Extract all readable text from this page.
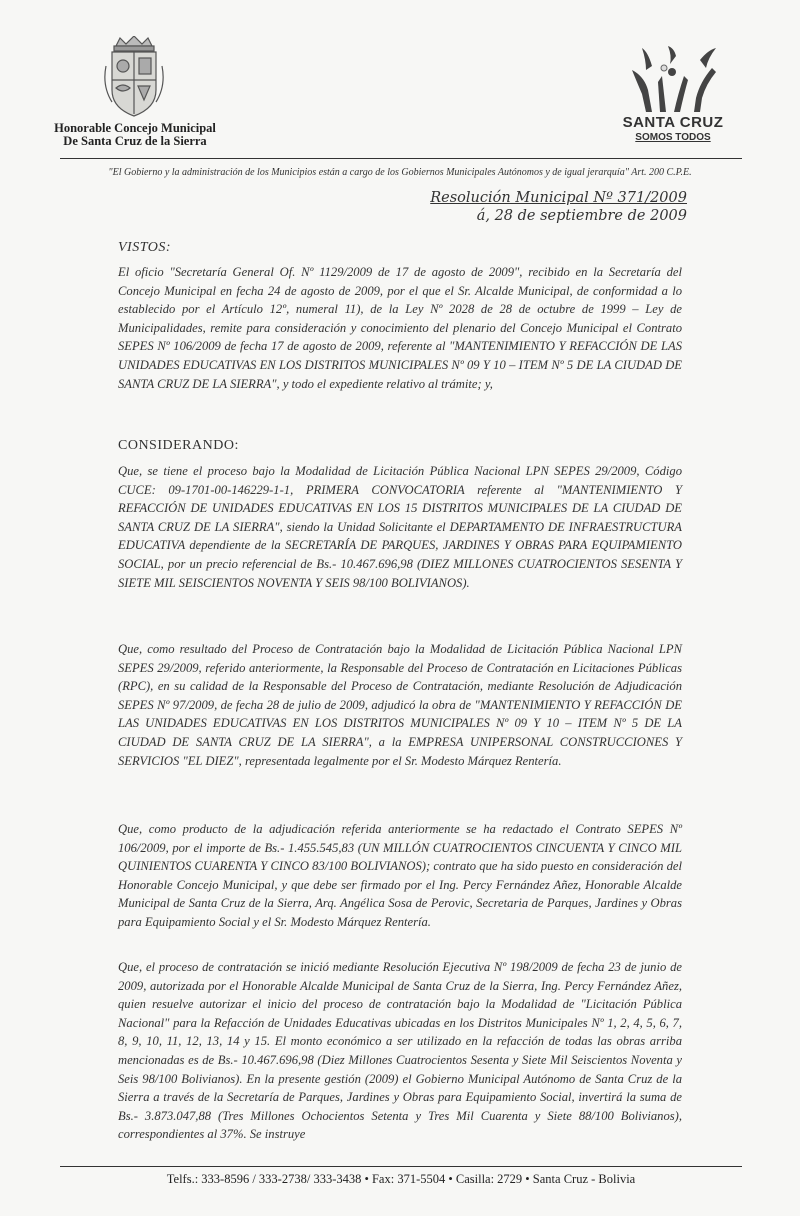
Honorable Concejo Municipal
De Santa Cruz de la Sierra
SANTA CRUZ
SOMOS TODOS
"El Gobierno y la administración de los Municipios están a cargo de los Gobiernos Municipales Autónomos y de igual jerarquía" Art. 200 C.P.E.
Resolución Municipal Nº 371/2009
á, 28 de septiembre de 2009
VISTOS:
El oficio "Secretaría General Of. Nº 1129/2009 de 17 de agosto de 2009", recibido en la Secretaría del Concejo Municipal en fecha 24 de agosto de 2009, por el que el Sr. Alcalde Municipal, de conformidad a lo establecido por el Artículo 12º, numeral 11), de la Ley Nº 2028 de 28 de octubre de 1999 – Ley de Municipalidades, remite para consideración y conocimiento del plenario del Concejo Municipal el Contrato SEPES Nº 106/2009 de fecha 17 de agosto de 2009, referente al "MANTENIMIENTO Y REFACCIÓN DE LAS UNIDADES EDUCATIVAS EN LOS DISTRITOS MUNICIPALES Nº 09 Y 10 – ITEM Nº 5 DE LA CIUDAD DE SANTA CRUZ DE LA SIERRA", y todo el expediente relativo al trámite; y,
CONSIDERANDO:
Que, se tiene el proceso bajo la Modalidad de Licitación Pública Nacional LPN SEPES 29/2009, Código CUCE: 09-1701-00-146229-1-1, PRIMERA CONVOCATORIA referente al "MANTENIMIENTO Y REFACCIÓN DE UNIDADES EDUCATIVAS EN LOS 15 DISTRITOS MUNICIPALES DE LA CIUDAD DE SANTA CRUZ DE LA SIERRA", siendo la Unidad Solicitante el DEPARTAMENTO DE INFRAESTRUCTURA EDUCATIVA dependiente de la SECRETARÍA DE PARQUES, JARDINES Y OBRAS PARA EQUIPAMIENTO SOCIAL, por un precio referencial de Bs.- 10.467.696,98 (DIEZ MILLONES CUATROCIENTOS SESENTA Y SIETE MIL SEISCIENTOS NOVENTA Y SEIS 98/100 BOLIVIANOS).
Que, como resultado del Proceso de Contratación bajo la Modalidad de Licitación Pública Nacional LPN SEPES 29/2009, referido anteriormente, la Responsable del Proceso de Contratación en Licitaciones Públicas (RPC), en su calidad de la Responsable del Proceso de Contratación, mediante Resolución de Adjudicación SEPES Nº 97/2009, de fecha 28 de julio de 2009, adjudicó la obra de "MANTENIMIENTO Y REFACCIÓN DE LAS UNIDADES EDUCATIVAS EN LOS DISTRITOS MUNICIPALES Nº 09 Y 10 – ITEM Nº 5 DE LA CIUDAD DE SANTA CRUZ DE LA SIERRA", a la EMPRESA UNIPERSONAL CONSTRUCCIONES Y SERVICIOS "EL DIEZ", representada legalmente por el Sr. Modesto Márquez Rentería.
Que, como producto de la adjudicación referida anteriormente se ha redactado el Contrato SEPES Nº 106/2009, por el importe de Bs.- 1.455.545,83 (UN MILLÓN CUATROCIENTOS CINCUENTA Y CINCO MIL QUINIENTOS CUARENTA Y CINCO 83/100 BOLIVIANOS); contrato que ha sido puesto en consideración del Honorable Concejo Municipal, y que debe ser firmado por el Ing. Percy Fernández Añez, Honorable Alcalde Municipal de Santa Cruz de la Sierra, Arq. Angélica Sosa de Perovic, Secretaria de Parques, Jardines y Obras para Equipamiento Social y el Sr. Modesto Márquez Rentería.
Que, el proceso de contratación se inició mediante Resolución Ejecutiva Nº 198/2009 de fecha 23 de junio de 2009, autorizada por el Honorable Alcalde Municipal de Santa Cruz de la Sierra, Ing. Percy Fernández Añez, quien resuelve autorizar el inicio del proceso de contratación bajo la Modalidad de "Licitación Pública Nacional" para la Refacción de Unidades Educativas ubicadas en los Distritos Municipales Nº 1, 2, 4, 5, 6, 7, 8, 9, 10, 11, 12, 13, 14 y 15. El monto económico a ser utilizado en la refacción de todas las obras arriba mencionadas es de Bs.- 10.467.696,98 (Diez Millones Cuatrocientos Sesenta y Siete Mil Seiscientos Noventa y Seis 98/100 Bolivianos). En la presente gestión (2009) el Gobierno Municipal Autónomo de Santa Cruz de la Sierra a través de la Secretaría de Parques, Jardines y Obras para Equipamiento Social, invertirá la suma de Bs.- 3.873.047,88 (Tres Millones Ochocientos Setenta y Tres Mil Cuarenta y Siete 88/100 Bolivianos), correspondientes al 37%. Se instruye
Telfs.: 333-8596 / 333-2738/ 333-3438 • Fax: 371-5504 • Casilla: 2729 • Santa Cruz - Bolivia
